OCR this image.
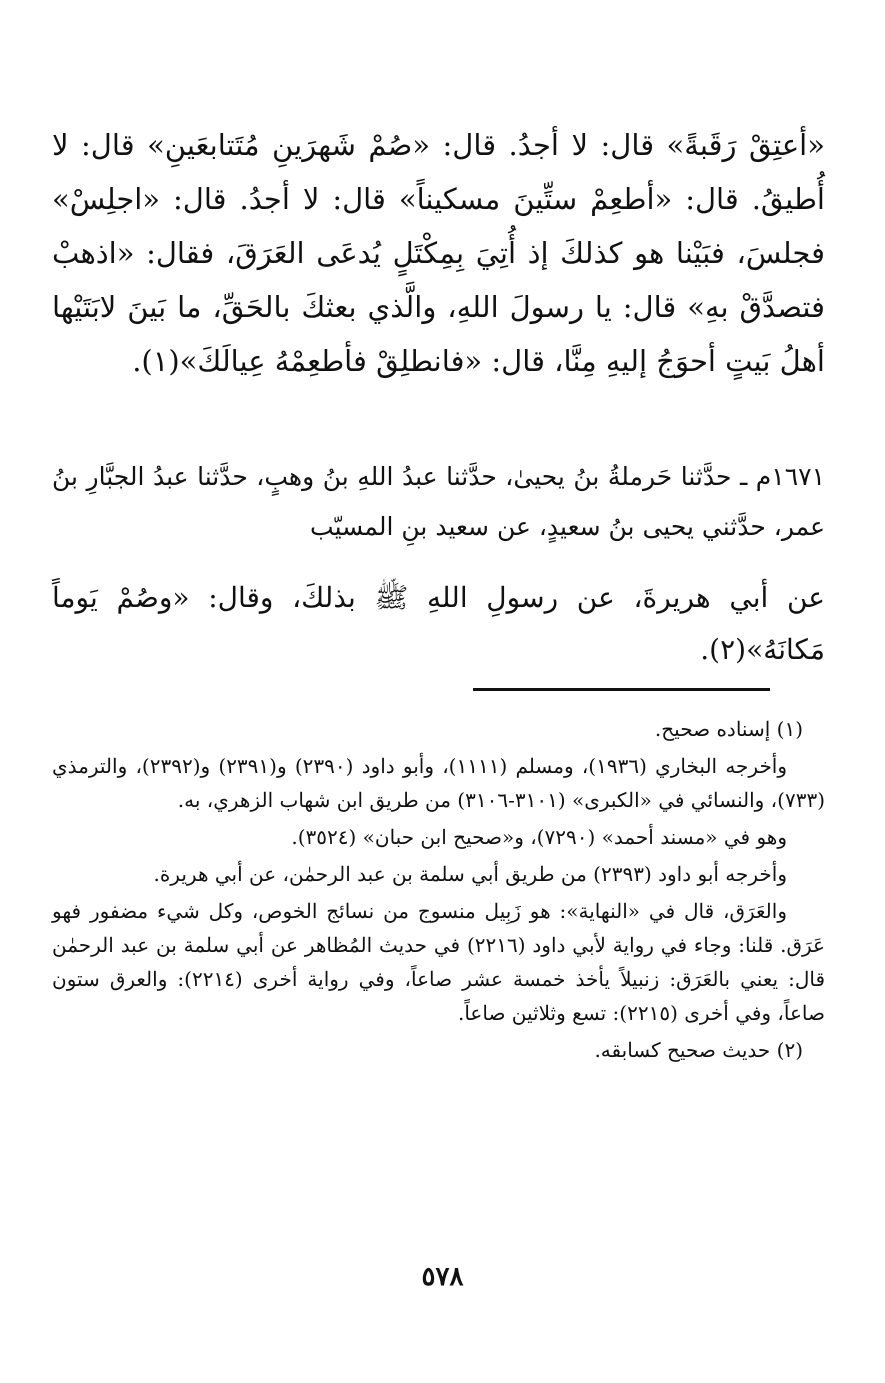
«أعتِقْ رَقَبةً» قال: لا أجدُ. قال: «صُمْ شَهرَينِ مُتَتابعَينِ» قال: لا أُطيقُ. قال: «أطعِمْ ستِّينَ مسكيناً» قال: لا أجدُ. قال: «اجلِسْ» فجلسَ، فبَيْنا هو كذلكَ إذ أُتِيَ بِمِكْتَلٍ يُدعَى العَرَقَ، فقال: «اذهبْ فتصدَّقْ بهِ» قال: يا رسولَ اللهِ، والَّذي بعثكَ بالحَقِّ، ما بَينَ لابَتَيْها أهلُ بَيتٍ أحوَجُ إليهِ مِنَّا، قال: «فانطلِقْ فأطعِمْهُ عِيالَكَ»(١).
١٦٧١م ـ حدَّثنا حَرملةُ بنُ يحيىٰ، حدَّثنا عبدُ اللهِ بنُ وهبٍ، حدَّثنا عبدُ الجبَّارِ بنُ عمر، حدَّثني يحيى بنُ سعيدٍ، عن سعيد بنِ المسيّب
عن أبي هريرةَ، عن رسولِ اللهِ ﷺ بذلكَ، وقال: «وصُمْ يَوماً مَكانَهُ»(٢).

(١) إسناده صحيح.

وأخرجه البخاري (١٩٣٦)، ومسلم (١١١١)، وأبو داود (٢٣٩٠) و(٢٣٩١) و(٢٣٩٢)، والترمذي (٧٣٣)، والنسائي في «الكبرى» (٣١٠١-٣١٠٦) من طريق ابن شهاب الزهري، به.

وهو في «مسند أحمد» (٧٢٩٠)، و«صحيح ابن حبان» (٣٥٢٤).

وأخرجه أبو داود (٢٣٩٣) من طريق أبي سلمة بن عبد الرحمٰن، عن أبي هريرة.

والعَرَق، قال في «النهاية»: هو زَبِيل منسوج من نسائج الخوص، وكل شيء مضفور فهو عَرَق. قلنا: وجاء في رواية لأبي داود (٢٢١٦) في حديث المُظاهر عن أبي سلمة بن عبد الرحمٰن قال: يعني بالعَرَق: زنبيلاً يأخذ خمسة عشر صاعاً، وفي رواية أخرى (٢٢١٤): والعرق ستون صاعاً، وفي أخرى (٢٢١٥): تسع وثلاثين صاعاً.

(٢) حديث صحيح كسابقه.

٥٧٨
